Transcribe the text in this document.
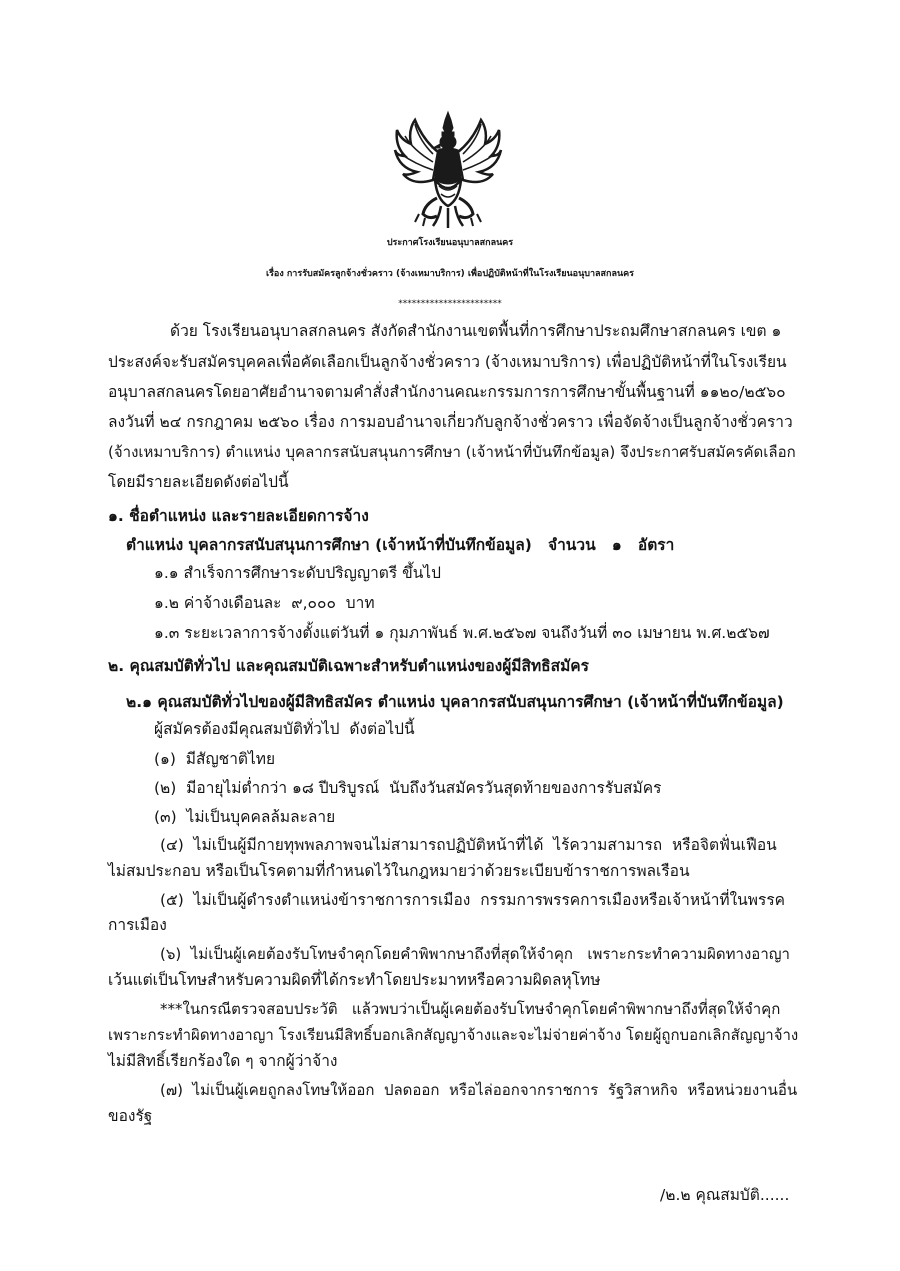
ประกาศโรงเรียนอนุบาลสกลนคร
เรื่อง การรับสมัครลูกจ้างชั่วคราว (จ้างเหมาบริการ) เพื่อปฏิบัติหน้าที่ในโรงเรียนอนุบาลสกลนคร
***********************
ด้วย โรงเรียนอนุบาลสกลนคร สังกัดสำนักงานเขตพื้นที่การศึกษาประถมศึกษาสกลนคร เขต ๑
ประสงค์จะรับสมัครบุคคลเพื่อคัดเลือกเป็นลูกจ้างชั่วคราว (จ้างเหมาบริการ) เพื่อปฏิบัติหน้าที่ในโรงเรียน
อนุบาลสกลนครโดยอาศัยอำนาจตามคำสั่งสำนักงานคณะกรรมการการศึกษาขั้นพื้นฐานที่ ๑๑๒๐/๒๕๖๐
ลงวันที่ ๒๔ กรกฎาคม ๒๕๖๐ เรื่อง การมอบอำนาจเกี่ยวกับลูกจ้างชั่วคราว เพื่อจัดจ้างเป็นลูกจ้างชั่วคราว
(จ้างเหมาบริการ) ตำแหน่ง บุคลากรสนับสนุนการศึกษา (เจ้าหน้าที่บันทึกข้อมูล) จึงประกาศรับสมัครคัดเลือก
โดยมีรายละเอียดดังต่อไปนี้
๑. ชื่อตำแหน่ง และรายละเอียดการจ้าง
ตำแหน่ง บุคลากรสนับสนุนการศึกษา (เจ้าหน้าที่บันทึกข้อมูล) จำนวน   ๑   อัตรา
๑.๑ สำเร็จการศึกษาระดับปริญญาตรี ขึ้นไป
๑.๒ ค่าจ้างเดือนละ  ๙,๐๐๐  บาท
๑.๓ ระยะเวลาการจ้างตั้งแต่วันที่ ๑ กุมภาพันธ์ พ.ศ.๒๕๖๗ จนถึงวันที่ ๓๐ เมษายน พ.ศ.๒๕๖๗
๒. คุณสมบัติทั่วไป และคุณสมบัติเฉพาะสำหรับตำแหน่งของผู้มีสิทธิสมัคร
๒.๑ คุณสมบัติทั่วไปของผู้มีสิทธิสมัคร ตำแหน่ง บุคลากรสนับสนุนการศึกษา (เจ้าหน้าที่บันทึกข้อมูล)
ผู้สมัครต้องมีคุณสมบัติทั่วไป  ดังต่อไปนี้
(๑)  มีสัญชาติไทย
(๒)  มีอายุไม่ต่ำกว่า ๑๘ ปีบริบูรณ์  นับถึงวันสมัครวันสุดท้ายของการรับสมัคร
(๓)  ไม่เป็นบุคคลล้มละลาย
(๔)  ไม่เป็นผู้มีกายทุพพลภาพจนไม่สามารถปฏิบัติหน้าที่ได้  ไร้ความสามารถ  หรือจิตฟั่นเฟือน
ไม่สมประกอบ หรือเป็นโรคตามที่กำหนดไว้ในกฎหมายว่าด้วยระเบียบข้าราชการพลเรือน
(๕)  ไม่เป็นผู้ดำรงตำแหน่งข้าราชการการเมือง  กรรมการพรรคการเมืองหรือเจ้าหน้าที่ในพรรค
การเมือง
(๖)  ไม่เป็นผู้เคยต้องรับโทษจำคุกโดยคำพิพากษาถึงที่สุดให้จำคุก   เพราะกระทำความผิดทางอาญา
เว้นแต่เป็นโทษสำหรับความผิดที่ได้กระทำโดยประมาทหรือความผิดลหุโทษ
***ในกรณีตรวจสอบประวัติ   แล้วพบว่าเป็นผู้เคยต้องรับโทษจำคุกโดยคำพิพากษาถึงที่สุดให้จำคุก
เพราะกระทำผิดทางอาญา โรงเรียนมีสิทธิ์บอกเลิกสัญญาจ้างและจะไม่จ่ายค่าจ้าง โดยผู้ถูกบอกเลิกสัญญาจ้าง
ไม่มีสิทธิ์เรียกร้องใด ๆ จากผู้ว่าจ้าง
(๗)  ไม่เป็นผู้เคยถูกลงโทษให้ออก  ปลดออก  หรือไล่ออกจากราชการ  รัฐวิสาหกิจ  หรือหน่วยงานอื่น
ของรัฐ
/๒.๒ คุณสมบัติ......
